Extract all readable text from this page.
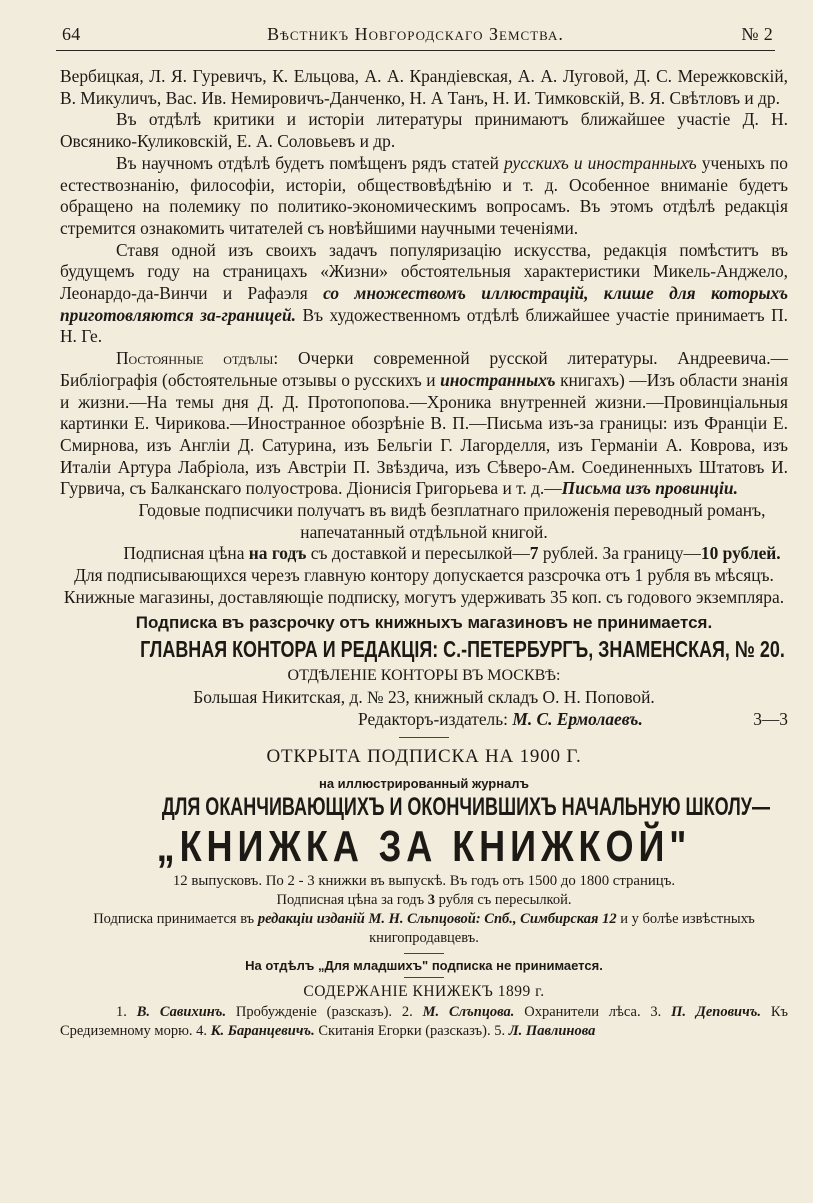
64	Вѣстникъ Новгородскаго Земства.	№ 2

Вербицкая, Л. Я. Гуревичъ, К. Ельцова, А. А. Крандіевская, А. А. Луговой, Д. С. Мережковскій, В. Микуличъ, Вас. Ив. Немировичъ-Данченко, Н. А Танъ, Н. И. Тимковскій, В. Я. Свѣтловъ и др.

Въ отдѣлѣ критики и исторіи литературы принимаютъ ближайшее участіе Д. Н. Овсянико-Куликовскій, Е. А. Соловьевъ и др.

Въ научномъ отдѣлѣ будетъ помѣщенъ рядъ статей русскихъ и иностранныхъ ученыхъ по естествознанію, философіи, исторіи, обществовѣдѣнію и т. д. Особенное вниманіе будетъ обращено на полемику по политико-экономическимъ вопросамъ. Въ этомъ отдѣлѣ редакція стремится ознакомить читателей съ новѣйшими научными теченіями.

Ставя одной изъ своихъ задачъ популяризацію искусства, редакція помѣститъ въ будущемъ году на страницахъ «Жизни» обстоятельныя характеристики Микель-Анджело, Леонардо-да-Винчи и Рафаэля со множествомъ иллюстрацій, клише для которыхъ приготовляются за-границей. Въ художественномъ отдѣлѣ ближайшее участіе принимаетъ П. Н. Ге.

Постоянные отдѣлы: Очерки современной русской литературы. Андреевича.—Библіографія (обстоятельные отзывы о русскихъ и иностранныхъ книгахъ) —Изъ области знанія и жизни.—На темы дня Д. Д. Протопопова.—Хроника внутренней жизни.—Провинціальныя картинки Е. Чирикова.—Иностранное обозрѣніе В. П.—Письма изъ-за границы: изъ Франціи Е. Смирнова, изъ Англіи Д. Сатурина, изъ Бельгіи Г. Лагорделля, изъ Германіи А. Коврова, изъ Италіи Артура Лабріола, изъ Австріи П. Звѣздича, изъ Сѣверо-Ам. Соединенныхъ Штатовъ И. Гурвича, съ Балканскаго полуострова. Діонисія Григорьева и т. д.—Письма изъ провинціи.

Годовые подписчики получатъ въ видѣ безплатнаго приложенія переводный романъ, напечатанный отдѣльной книгой.

Подписная цѣна на годъ съ доставкой и пересылкой—7 рублей. За границу—10 рублей.

Для подписывающихся черезъ главную контору допускается разсрочка отъ 1 рубля въ мѣсяцъ. Книжные магазины, доставляющіе подписку, могутъ удерживать 35 коп. съ годового экземпляра.

Подписка въ разсрочку отъ книжныхъ магазиновъ не принимается.

ГЛАВНАЯ КОНТОРА И РЕДАКЦІЯ: С.-ПЕТЕРБУРГЪ, ЗНАМЕНСКАЯ, № 20.

ОТДѢЛЕНІЕ КОНТОРЫ ВЪ МОСКВѢ:

Большая Никитская, д. № 23, книжный складъ О. Н. Поповой.

Редакторъ-издатель: М. С. Ермолаевъ.	3—3
ОТКРЫТА ПОДПИСКА НА 1900 Г.
на иллюстрированный журналъ
ДЛЯ ОКАНЧИВАЮЩИХЪ И ОКОНЧИВШИХЪ НАЧАЛЬНУЮ ШКОЛУ—
„КНИЖКА ЗА КНИЖКОЙ"

12 выпусковъ. По 2 - 3 книжки въ выпускѣ. Въ годъ отъ 1500 до 1800 страницъ.

Подписная цѣна за годъ 3 рубля съ пересылкой.

Подписка принимается въ редакціи изданій М. Н. Сльпцовой: Спб., Симбирская 12 и у болѣе извѣстныхъ книгопродавцевъ.

На отдѣлъ „Для младшихъ" подписка не принимается.

СОДЕРЖАНІЕ КНИЖЕКЪ 1899 г.

1. В. Савихинъ. Пробужденіе (разсказъ). 2. М. Слъпцова. Охранители лѣса. 3. П. Деповичъ. Къ Средиземному морю. 4. К. Баранцевичъ. Скитанія Егорки (разсказъ). 5. Л. Павлинова
